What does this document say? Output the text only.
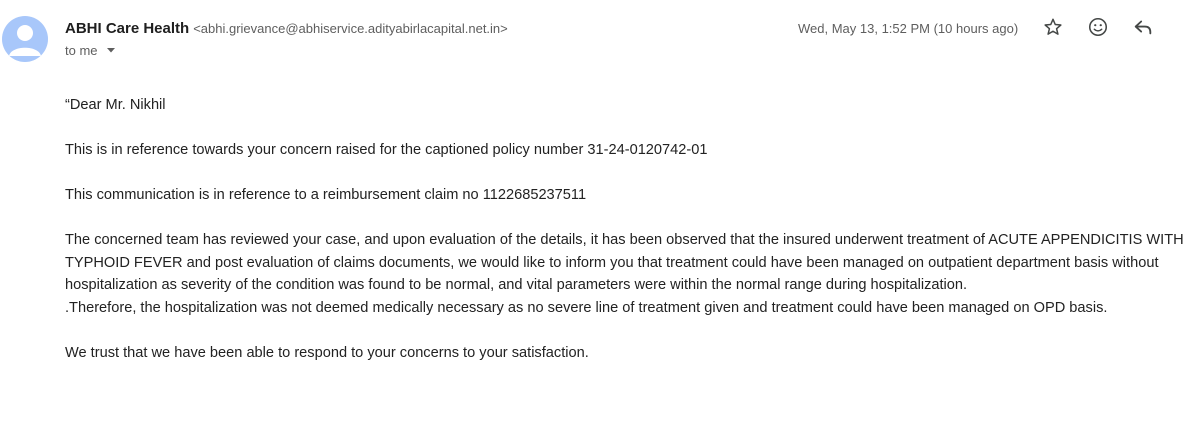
ABHI Care Health <abhi.grievance@abhiservice.adityabirlacapital.net.in>
to me
Wed, May 13, 1:52 PM (10 hours ago)

“Dear Mr. Nikhil

This is in reference towards your concern raised for the captioned policy number 31-24-0120742-01

This communication is in reference to a reimbursement claim no 1122685237511

The concerned team has reviewed your case, and upon evaluation of the details, it has been observed that the insured underwent treatment of ACUTE APPENDICITIS WITH TYPHOID FEVER and post evaluation of claims documents, we would like to inform you that treatment could have been managed on outpatient department basis without hospitalization as severity of the condition was found to be normal, and vital parameters were within the normal range during hospitalization.

.Therefore, the hospitalization was not deemed medically necessary as no severe line of treatment given and treatment could have been managed on OPD basis.

We trust that we have been able to respond to your concerns to your satisfaction.
